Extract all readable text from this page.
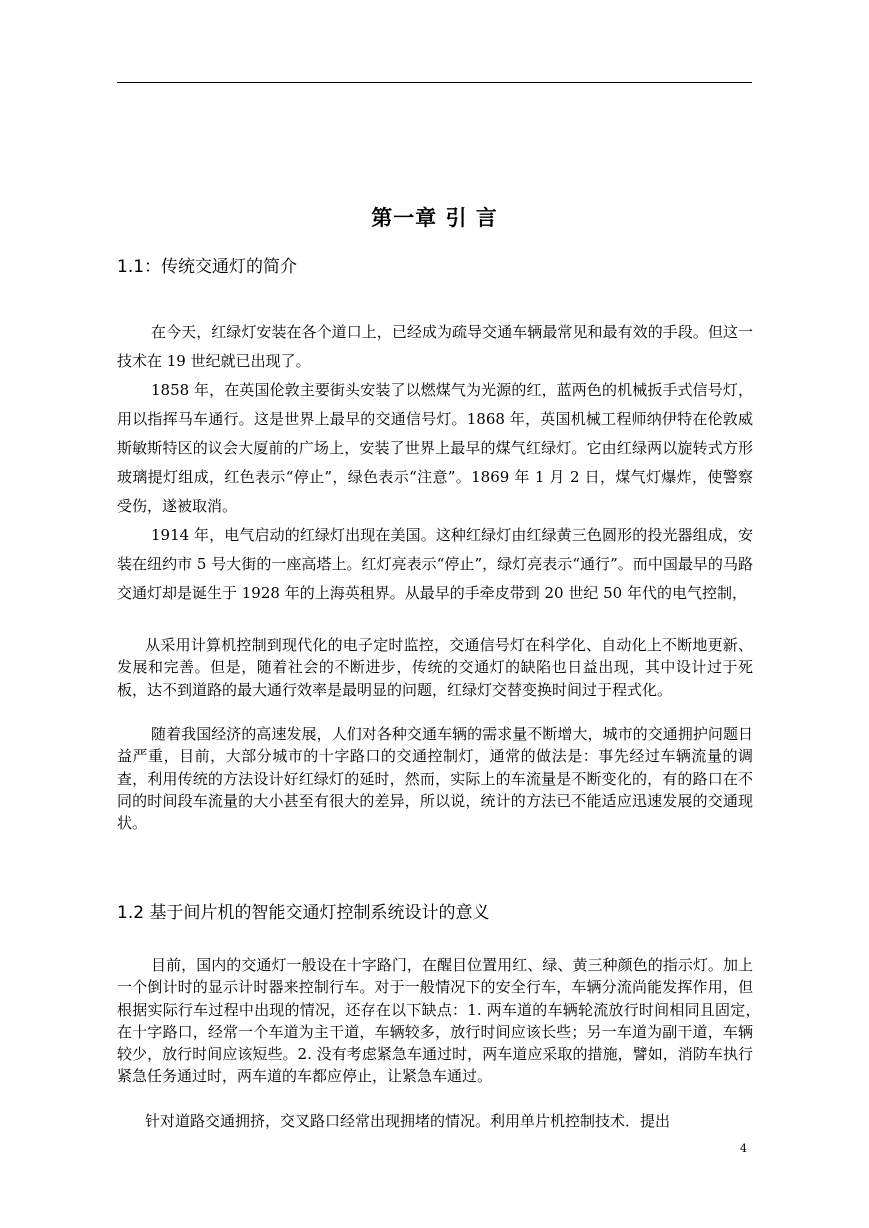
第一章 引 言
1.1：传统交通灯的简介

在今天，红绿灯安装在各个道口上，已经成为疏导交通车辆最常见和最有效的手段。但这一技术在 19 世纪就已出现了。

1858 年，在英国伦敦主要街头安装了以燃煤气为光源的红，蓝两色的机械扳手式信号灯，用以指挥马车通行。这是世界上最早的交通信号灯。1868 年，英国机械工程师纳伊特在伦敦威斯敏斯特区的议会大厦前的广场上，安装了世界上最早的煤气红绿灯。它由红绿两以旋转式方形玻璃提灯组成，红色表示“停止”，绿色表示“注意”。1869 年 1 月 2 日，煤气灯爆炸，使警察受伤，遂被取消。

1914 年，电气启动的红绿灯出现在美国。这种红绿灯由红绿黄三色圆形的投光器组成，安装在纽约市 5 号大街的一座高塔上。红灯亮表示“停止”，绿灯亮表示“通行”。而中国最早的马路交通灯却是诞生于 1928 年的上海英租界。从最早的手牵皮带到 20 世纪 50 年代的电气控制，

从采用计算机控制到现代化的电子定时监控，交通信号灯在科学化、自动化上不断地更新、发展和完善。但是，随着社会的不断进步，传统的交通灯的缺陷也日益出现，其中设计过于死板，达不到道路的最大通行效率是最明显的问题，红绿灯交替变换时间过于程式化。

随着我国经济的高速发展，人们对各种交通车辆的需求量不断增大，城市的交通拥护问题日益严重，目前，大部分城市的十字路口的交通控制灯，通常的做法是：事先经过车辆流量的调查，利用传统的方法设计好红绿灯的延时，然而，实际上的车流量是不断变化的，有的路口在不同的时间段车流量的大小甚至有很大的差异，所以说，统计的方法已不能适应迅速发展的交通现状。

1.2 基于间片机的智能交通灯控制系统设计的意义

目前，国内的交通灯一般设在十字路门，在醒目位置用红、绿、黄三种颜色的指示灯。加上一个倒计时的显示计时器来控制行车。对于一般情况下的安全行车，车辆分流尚能发挥作用，但根据实际行车过程中出现的情况，还存在以下缺点：1. 两车道的车辆轮流放行时间相同且固定，　在十字路口，经常一个车道为主干道，车辆较多，放行时间应该长些；另一车道为副干道，车辆较少，放行时间应该短些。2. 没有考虑紧急车通过时，两车道应采取的措施，譬如，消防车执行紧急任务通过时，两车道的车都应停止，让紧急车通过。

针对道路交通拥挤，交叉路口经常出现拥堵的情况。利用单片机控制技术．提出

4
